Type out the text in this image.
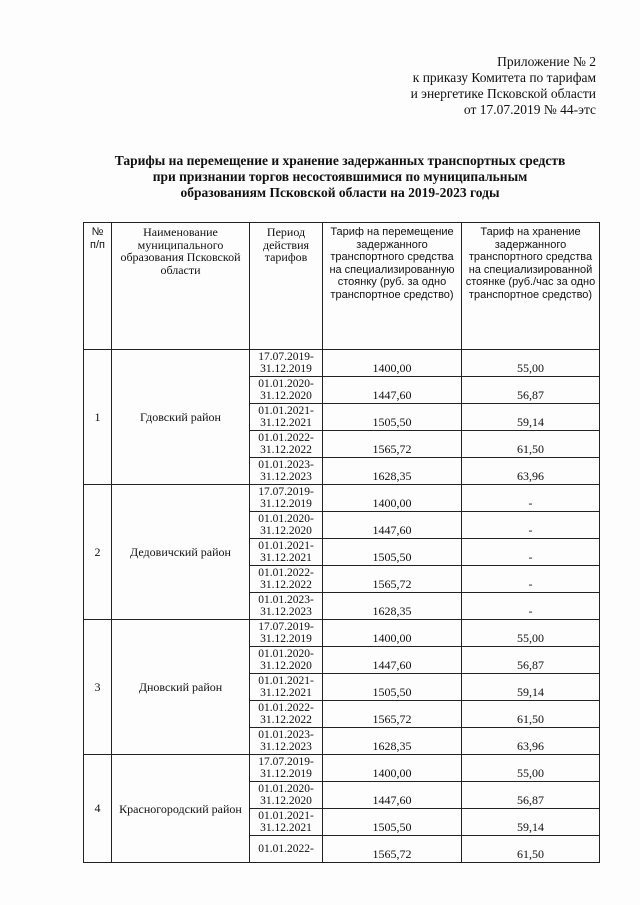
Приложение № 2
к приказу Комитета по тарифам
и энергетике Псковской области
от 17.07.2019 № 44-этс
Тарифы на перемещение и хранение задержанных транспортных средств
при признании торгов несостоявшимися по муниципальным
образованиям Псковской области на 2019-2023 годы
№ п/п	Наименование муниципального образования Псковской области	Период действия тарифов	Тариф на перемещение задержанного транспортного средства на специализированную стоянку (руб. за одно транспортное средство)	Тариф на хранение задержанного транспортного средства на специализированной стоянке (руб./час за одно транспортное средство)
1	Гдовский район	17.07.2019-31.12.2019	1400,00	55,00
		01.01.2020-31.12.2020	1447,60	56,87
		01.01.2021-31.12.2021	1505,50	59,14
		01.01.2022-31.12.2022	1565,72	61,50
		01.01.2023-31.12.2023	1628,35	63,96
2	Дедовичский район	17.07.2019-31.12.2019	1400,00	-
		01.01.2020-31.12.2020	1447,60	-
		01.01.2021-31.12.2021	1505,50	-
		01.01.2022-31.12.2022	1565,72	-
		01.01.2023-31.12.2023	1628,35	-
3	Дновский район	17.07.2019-31.12.2019	1400,00	55,00
		01.01.2020-31.12.2020	1447,60	56,87
		01.01.2021-31.12.2021	1505,50	59,14
		01.01.2022-31.12.2022	1565,72	61,50
		01.01.2023-31.12.2023	1628,35	63,96
4	Красногородский район	17.07.2019-31.12.2019	1400,00	55,00
		01.01.2020-31.12.2020	1447,60	56,87
		01.01.2021-31.12.2021	1505,50	59,14
		01.01.2022-	1565,72	61,50
